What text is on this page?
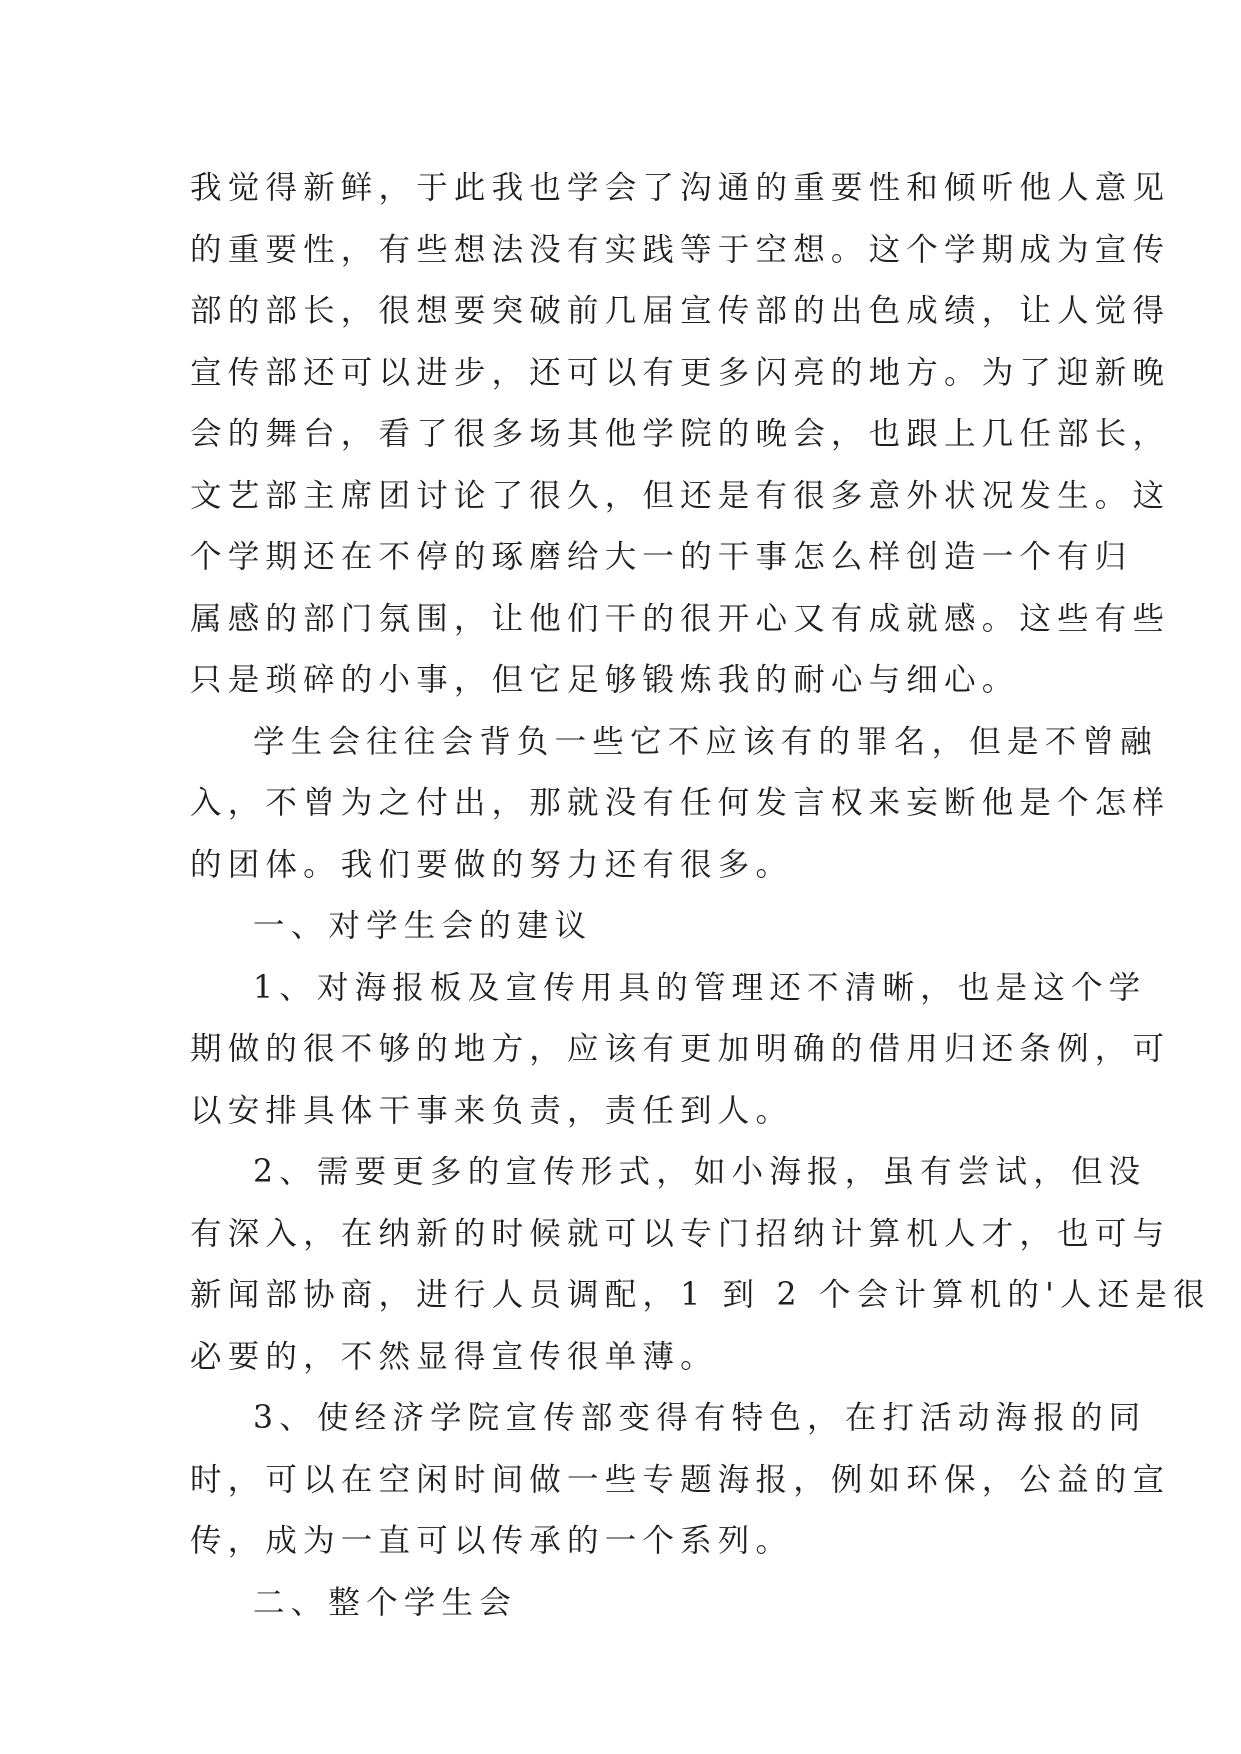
我觉得新鲜，于此我也学会了沟通的重要性和倾听他人意见
的重要性，有些想法没有实践等于空想。这个学期成为宣传
部的部长，很想要突破前几届宣传部的出色成绩，让人觉得
宣传部还可以进步，还可以有更多闪亮的地方。为了迎新晚
会的舞台，看了很多场其他学院的晚会，也跟上几任部长，
文艺部主席团讨论了很久，但还是有很多意外状况发生。这
个学期还在不停的琢磨给大一的干事怎么样创造一个有归
属感的部门氛围，让他们干的很开心又有成就感。这些有些
只是琐碎的小事，但它足够锻炼我的耐心与细心。
学生会往往会背负一些它不应该有的罪名，但是不曾融
入，不曾为之付出，那就没有任何发言权来妄断他是个怎样
的团体。我们要做的努力还有很多。
一、对学生会的建议
1、对海报板及宣传用具的管理还不清晰，也是这个学
期做的很不够的地方，应该有更加明确的借用归还条例，可
以安排具体干事来负责，责任到人。
2、需要更多的宣传形式，如小海报，虽有尝试，但没
有深入，在纳新的时候就可以专门招纳计算机人才，也可与
新闻部协商，进行人员调配，1 到 2 个会计算机的'人还是很
必要的，不然显得宣传很单薄。
3、使经济学院宣传部变得有特色，在打活动海报的同
时，可以在空闲时间做一些专题海报，例如环保，公益的宣
传，成为一直可以传承的一个系列。
二、整个学生会
